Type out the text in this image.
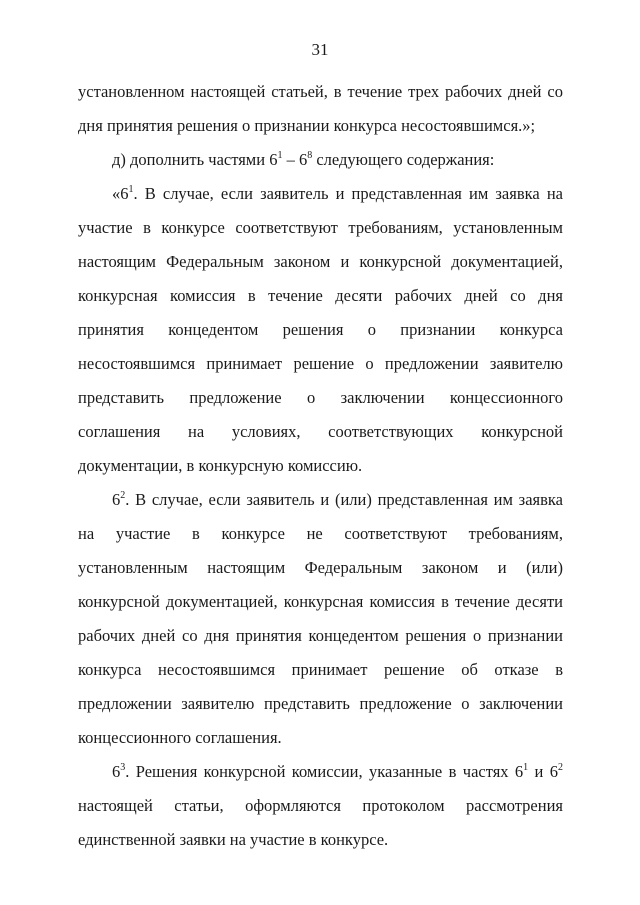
31

установленном настоящей статьей, в течение трех рабочих дней со дня принятия решения о признании конкурса несостоявшимся.»;

д) дополнить частями $6^1 - 6^8$ следующего содержания:

«$6^1$. В случае, если заявитель и представленная им заявка на участие в конкурсе соответствуют требованиям, установленным настоящим Федеральным законом и конкурсной документацией, конкурсная комиссия в течение десяти рабочих дней со дня принятия концедентом решения о признании конкурса несостоявшимся принимает решение о предложении заявителю представить предложение о заключении концессионного соглашения на условиях, соответствующих конкурсной документации, в конкурсную комиссию.

$6^2$. В случае, если заявитель и (или) представленная им заявка на участие в конкурсе не соответствуют требованиям, установленным настоящим Федеральным законом и (или) конкурсной документацией, конкурсная комиссия в течение десяти рабочих дней со дня принятия концедентом решения о признании конкурса несостоявшимся принимает решение об отказе в предложении заявителю представить предложение о заключении концессионного соглашения.

$6^3$. Решения конкурсной комиссии, указанные в частях $6^1$ и $6^2$ настоящей статьи, оформляются протоколом рассмотрения единственной заявки на участие в конкурсе.
